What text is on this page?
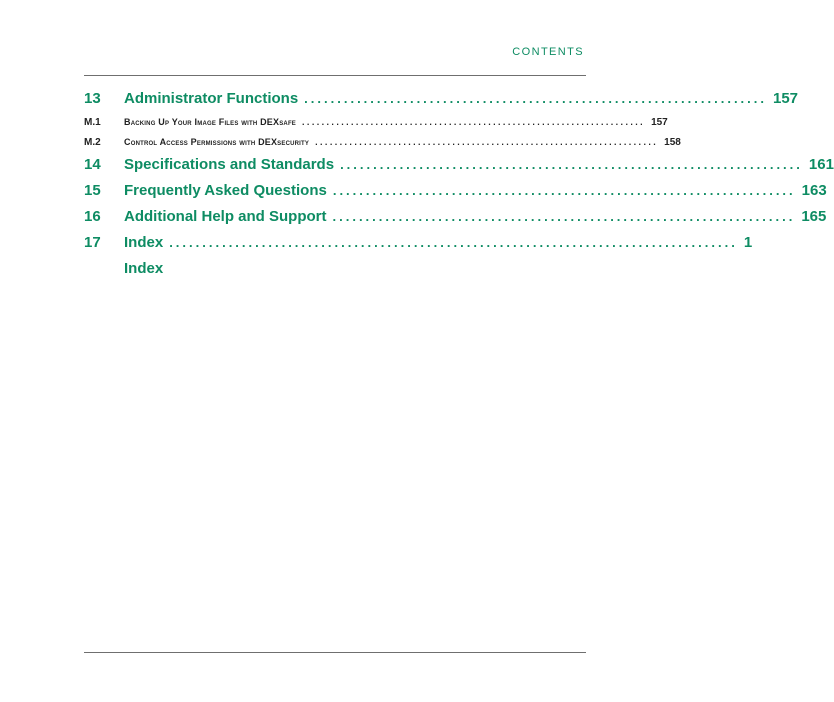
CONTENTS
13	Administrator Functions ...................................................................... 157
M.1	Backing Up Your Image Files with DEXsafe ...................................................................... 157
M.2	Control Access Permissions with DEXsecurity ...................................................................... 158
14	Specifications and Standards ...................................................................... 161
15	Frequently Asked Questions ...................................................................... 163
16	Additional Help and Support ...................................................................... 165
17	Index ...................................................................................... 1
Index
